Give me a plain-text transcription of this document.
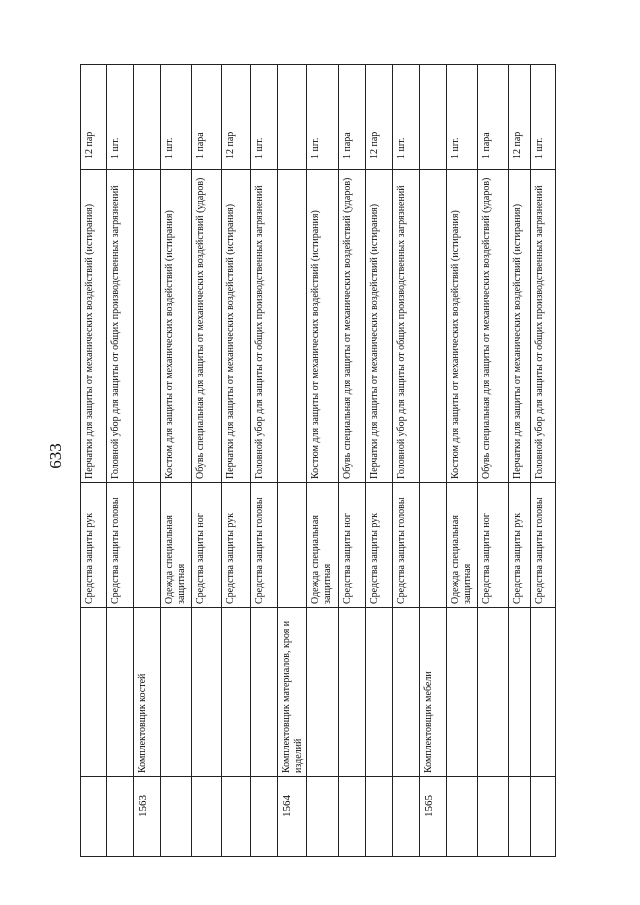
633
Средства защиты рук
Перчатки для защиты от механических воздействий (истирания)
12 пар
Средства защиты головы
Головной убор для защиты от общих производственных загрязнений
1 шт.
1563
Комплектовщик костей
Одежда специальная защитная
Костюм для защиты от механических воздействий (истирания)
1 шт.
Средства защиты ног
Обувь специальная для защиты от механических воздействий (ударов)
1 пара
Средства защиты рук
Перчатки для защиты от механических воздействий (истирания)
12 пар
Средства защиты головы
Головной убор для защиты от общих производственных загрязнений
1 шт.
1564
Комплектовщик материалов, кроя и изделий
Одежда специальная защитная
Костюм для защиты от механических воздействий (истирания)
1 шт.
Средства защиты ног
Обувь специальная для защиты от механических воздействий (ударов)
1 пара
Средства защиты рук
Перчатки для защиты от механических воздействий (истирания)
12 пар
Средства защиты головы
Головной убор для защиты от общих производственных загрязнений
1 шт.
1565
Комплектовщик мебели
Одежда специальная защитная
Костюм для защиты от механических воздействий (истирания)
1 шт.
Средства защиты ног
Обувь специальная для защиты от механических воздействий (ударов)
1 пара
Средства защиты рук
Перчатки для защиты от механических воздействий (истирания)
12 пар
Средства защиты головы
Головной убор для защиты от общих производственных загрязнений
1 шт.
